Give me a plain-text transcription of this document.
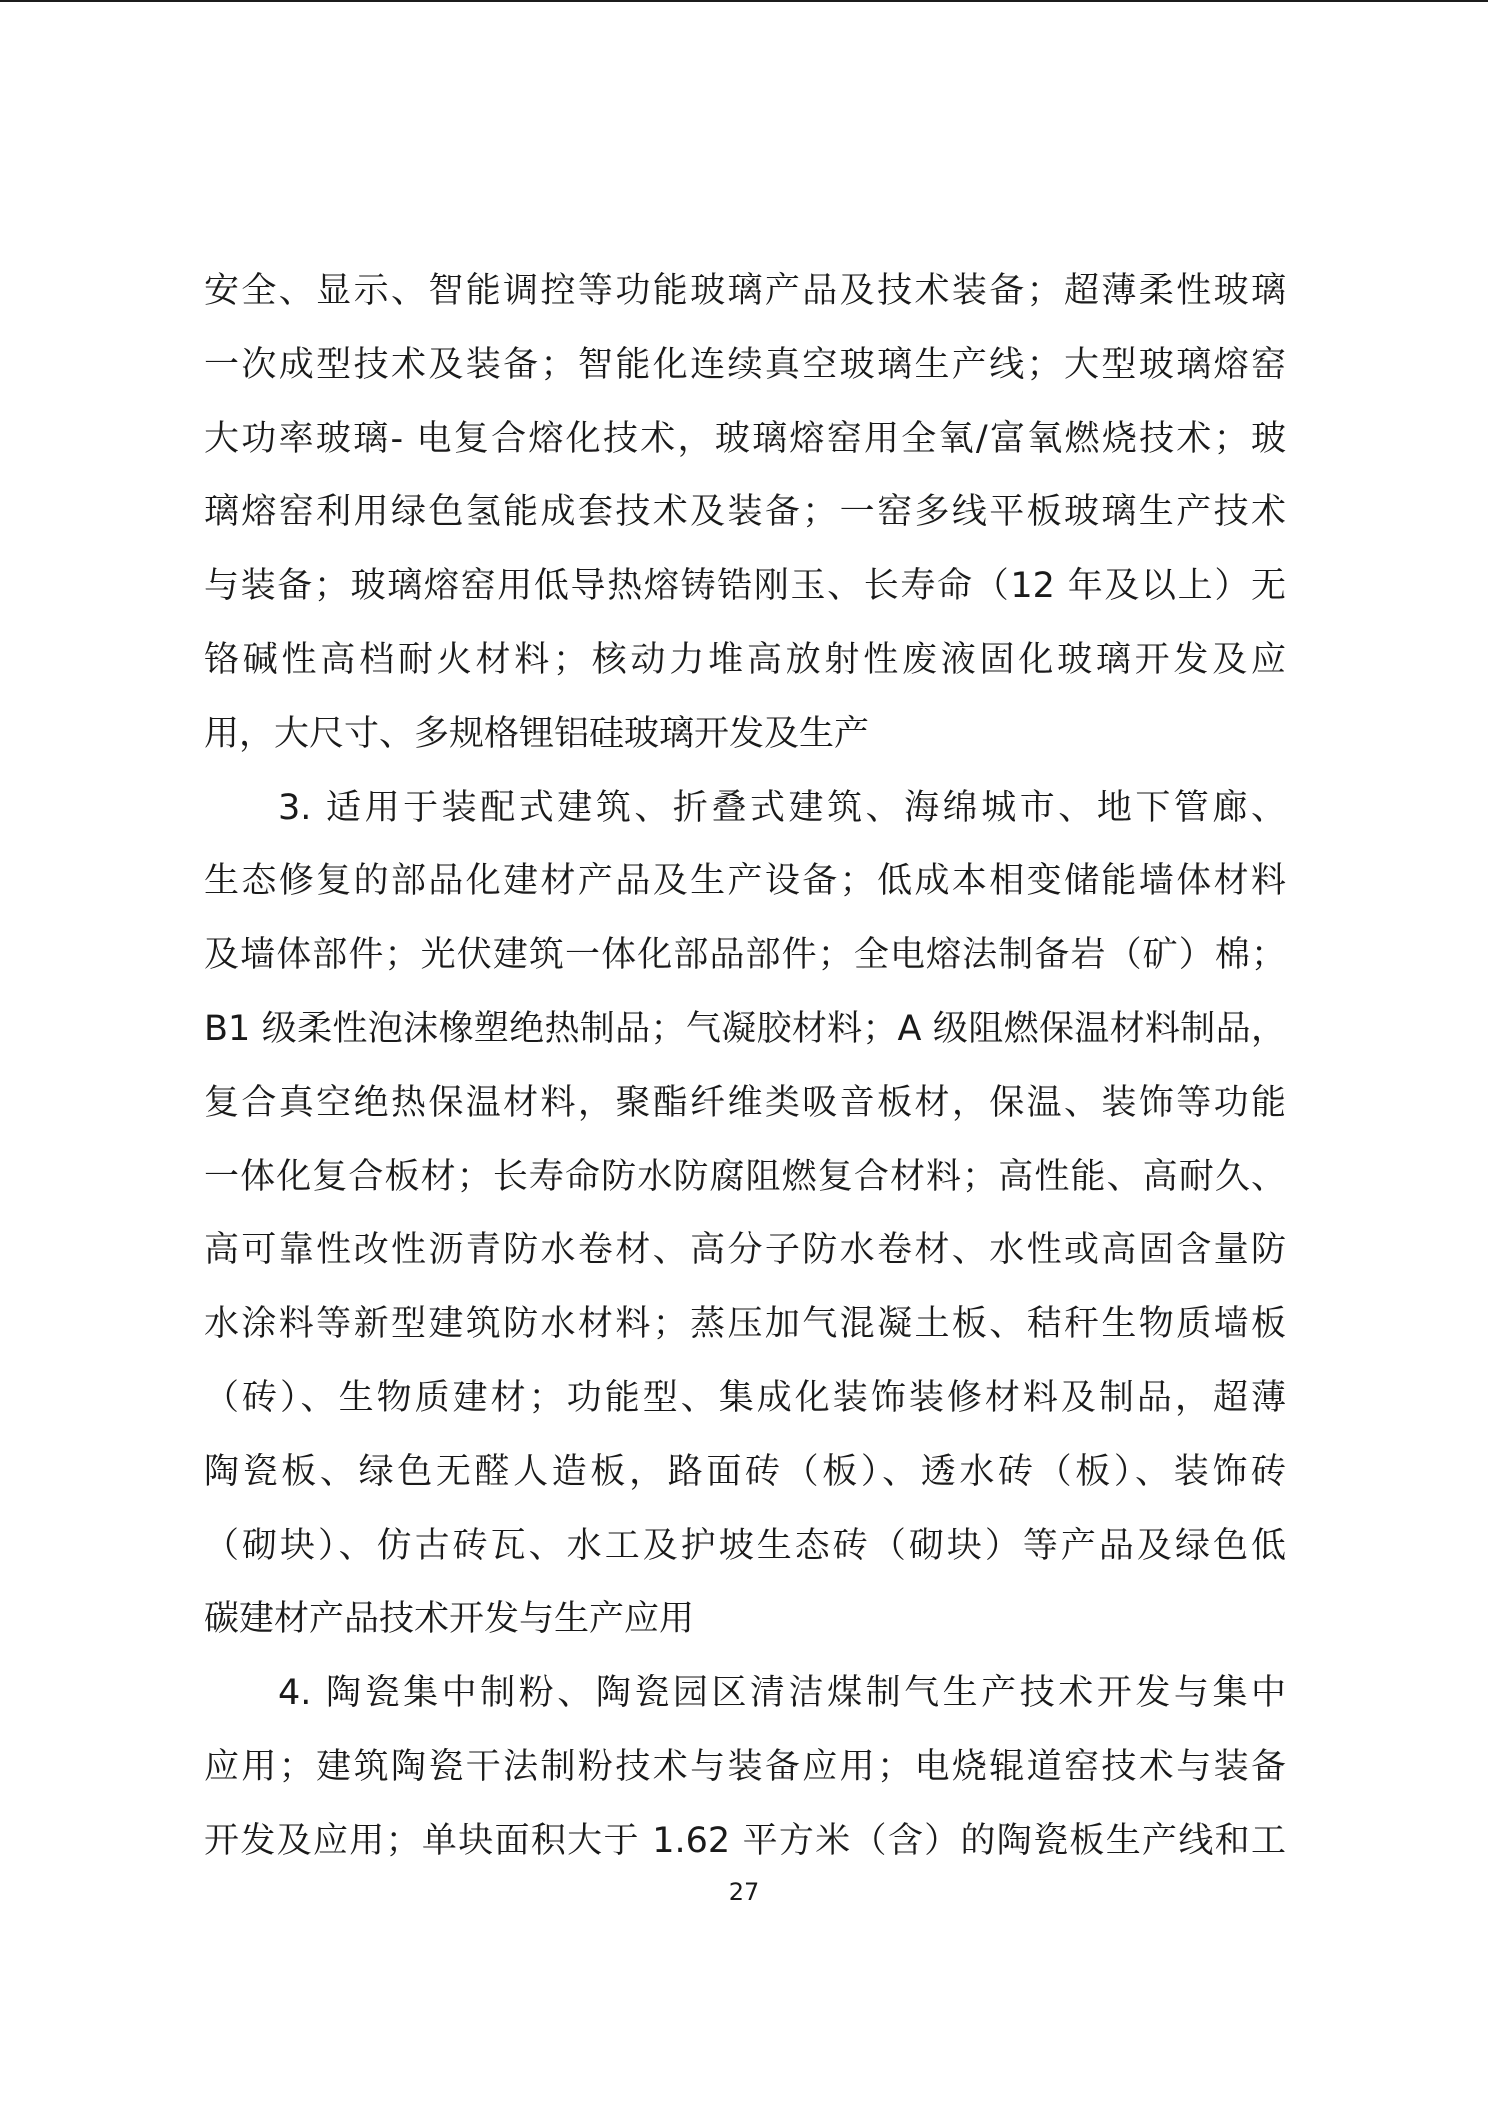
安全、显示、智能调控等功能玻璃产品及技术装备；超薄柔性玻璃
一次成型技术及装备；智能化连续真空玻璃生产线；大型玻璃熔窑
大功率玻璃- 电复合熔化技术，玻璃熔窑用全氧/富氧燃烧技术；玻
璃熔窑利用绿色氢能成套技术及装备；一窑多线平板玻璃生产技术
与装备；玻璃熔窑用低导热熔铸锆刚玉、长寿命（12 年及以上）无
铬碱性高档耐火材料；核动力堆高放射性废液固化玻璃开发及应
用，大尺寸、多规格锂铝硅玻璃开发及生产
3. 适用于装配式建筑、折叠式建筑、海绵城市、地下管廊、
生态修复的部品化建材产品及生产设备；低成本相变储能墙体材料
及墙体部件；光伏建筑一体化部品部件；全电熔法制备岩（矿）棉；
B1 级柔性泡沫橡塑绝热制品；气凝胶材料；A 级阻燃保温材料制品，
复合真空绝热保温材料，聚酯纤维类吸音板材，保温、装饰等功能
一体化复合板材；长寿命防水防腐阻燃复合材料；高性能、高耐久、
高可靠性改性沥青防水卷材、高分子防水卷材、水性或高固含量防
水涂料等新型建筑防水材料；蒸压加气混凝土板、秸秆生物质墙板
（砖）、生物质建材；功能型、集成化装饰装修材料及制品，超薄
陶瓷板、绿色无醛人造板，路面砖（板）、透水砖（板）、装饰砖
（砌块）、仿古砖瓦、水工及护坡生态砖（砌块）等产品及绿色低
碳建材产品技术开发与生产应用
4. 陶瓷集中制粉、陶瓷园区清洁煤制气生产技术开发与集中
应用；建筑陶瓷干法制粉技术与装备应用；电烧辊道窑技术与装备
开发及应用；单块面积大于 1.62 平方米（含）的陶瓷板生产线和工
27
